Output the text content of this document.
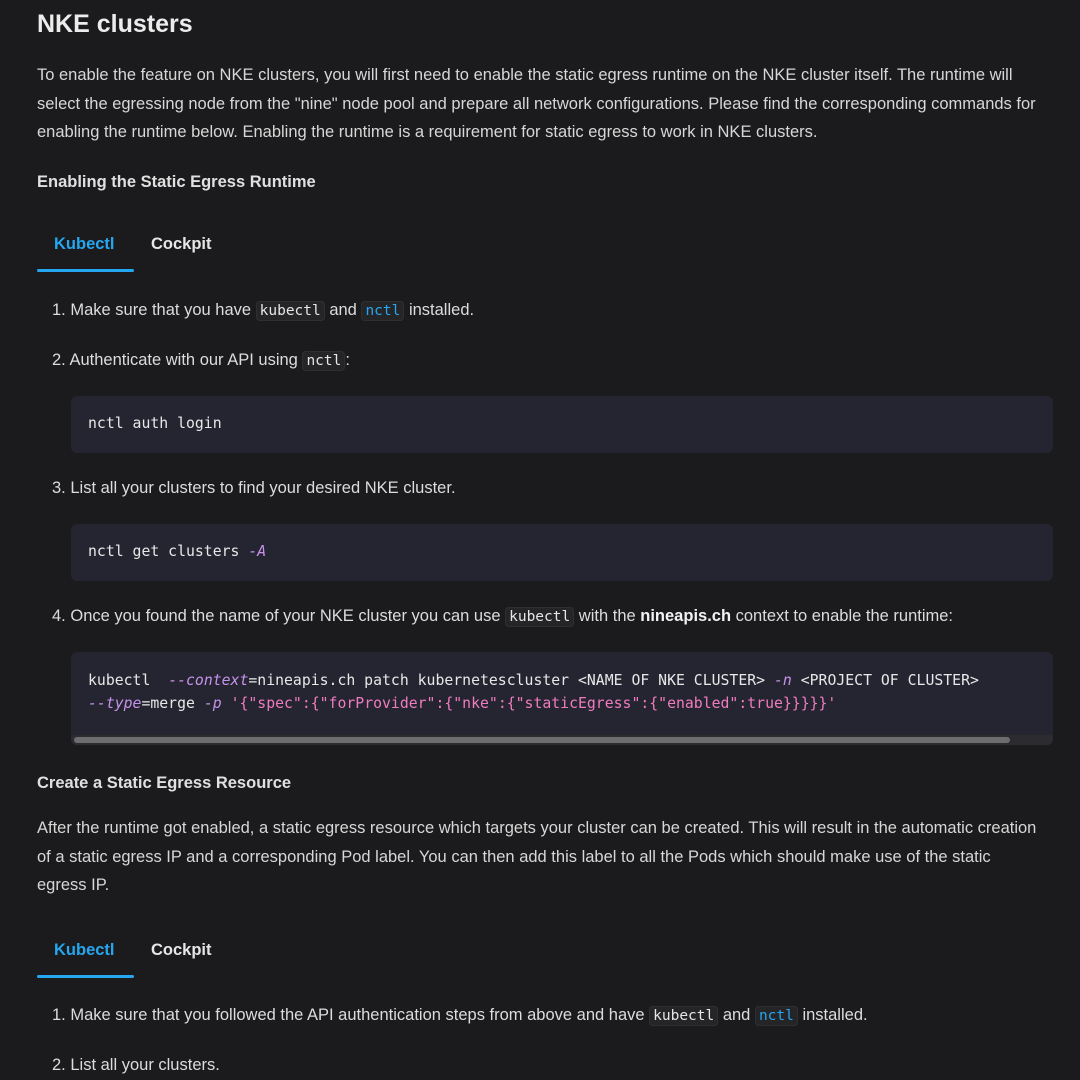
NKE clusters

To enable the feature on NKE clusters, you will first need to enable the static egress runtime on the NKE cluster itself. The runtime will select the egressing node from the "nine" node pool and prepare all network configurations. Please find the corresponding commands for enabling the runtime below. Enabling the runtime is a requirement for static egress to work in NKE clusters.

Enabling the Static Egress Runtime
Kubectl Cockpit
1. Make sure that you have kubectl and nctl installed.
2. Authenticate with our API using nctl :
nctl auth login
3. List all your clusters to find your desired NKE cluster.
nctl get clusters -A
4. Once you found the name of your NKE cluster you can use kubectl with the nineapis.ch context to enable the runtime:
kubectl  --context=nineapis.ch patch kubernetescluster <NAME OF NKE CLUSTER> -n <PROJECT OF CLUSTER>
--type=merge -p '{"spec":{"forProvider":{"nke":{"staticEgress":{"enabled":true}}}}}'
Create a Static Egress Resource

After the runtime got enabled, a static egress resource which targets your cluster can be created. This will result in the automatic creation of a static egress IP and a corresponding Pod label. You can then add this label to all the Pods which should make use of the static egress IP.

Kubectl Cockpit
1. Make sure that you followed the API authentication steps from above and have kubectl and nctl installed.
2. List all your clusters.
